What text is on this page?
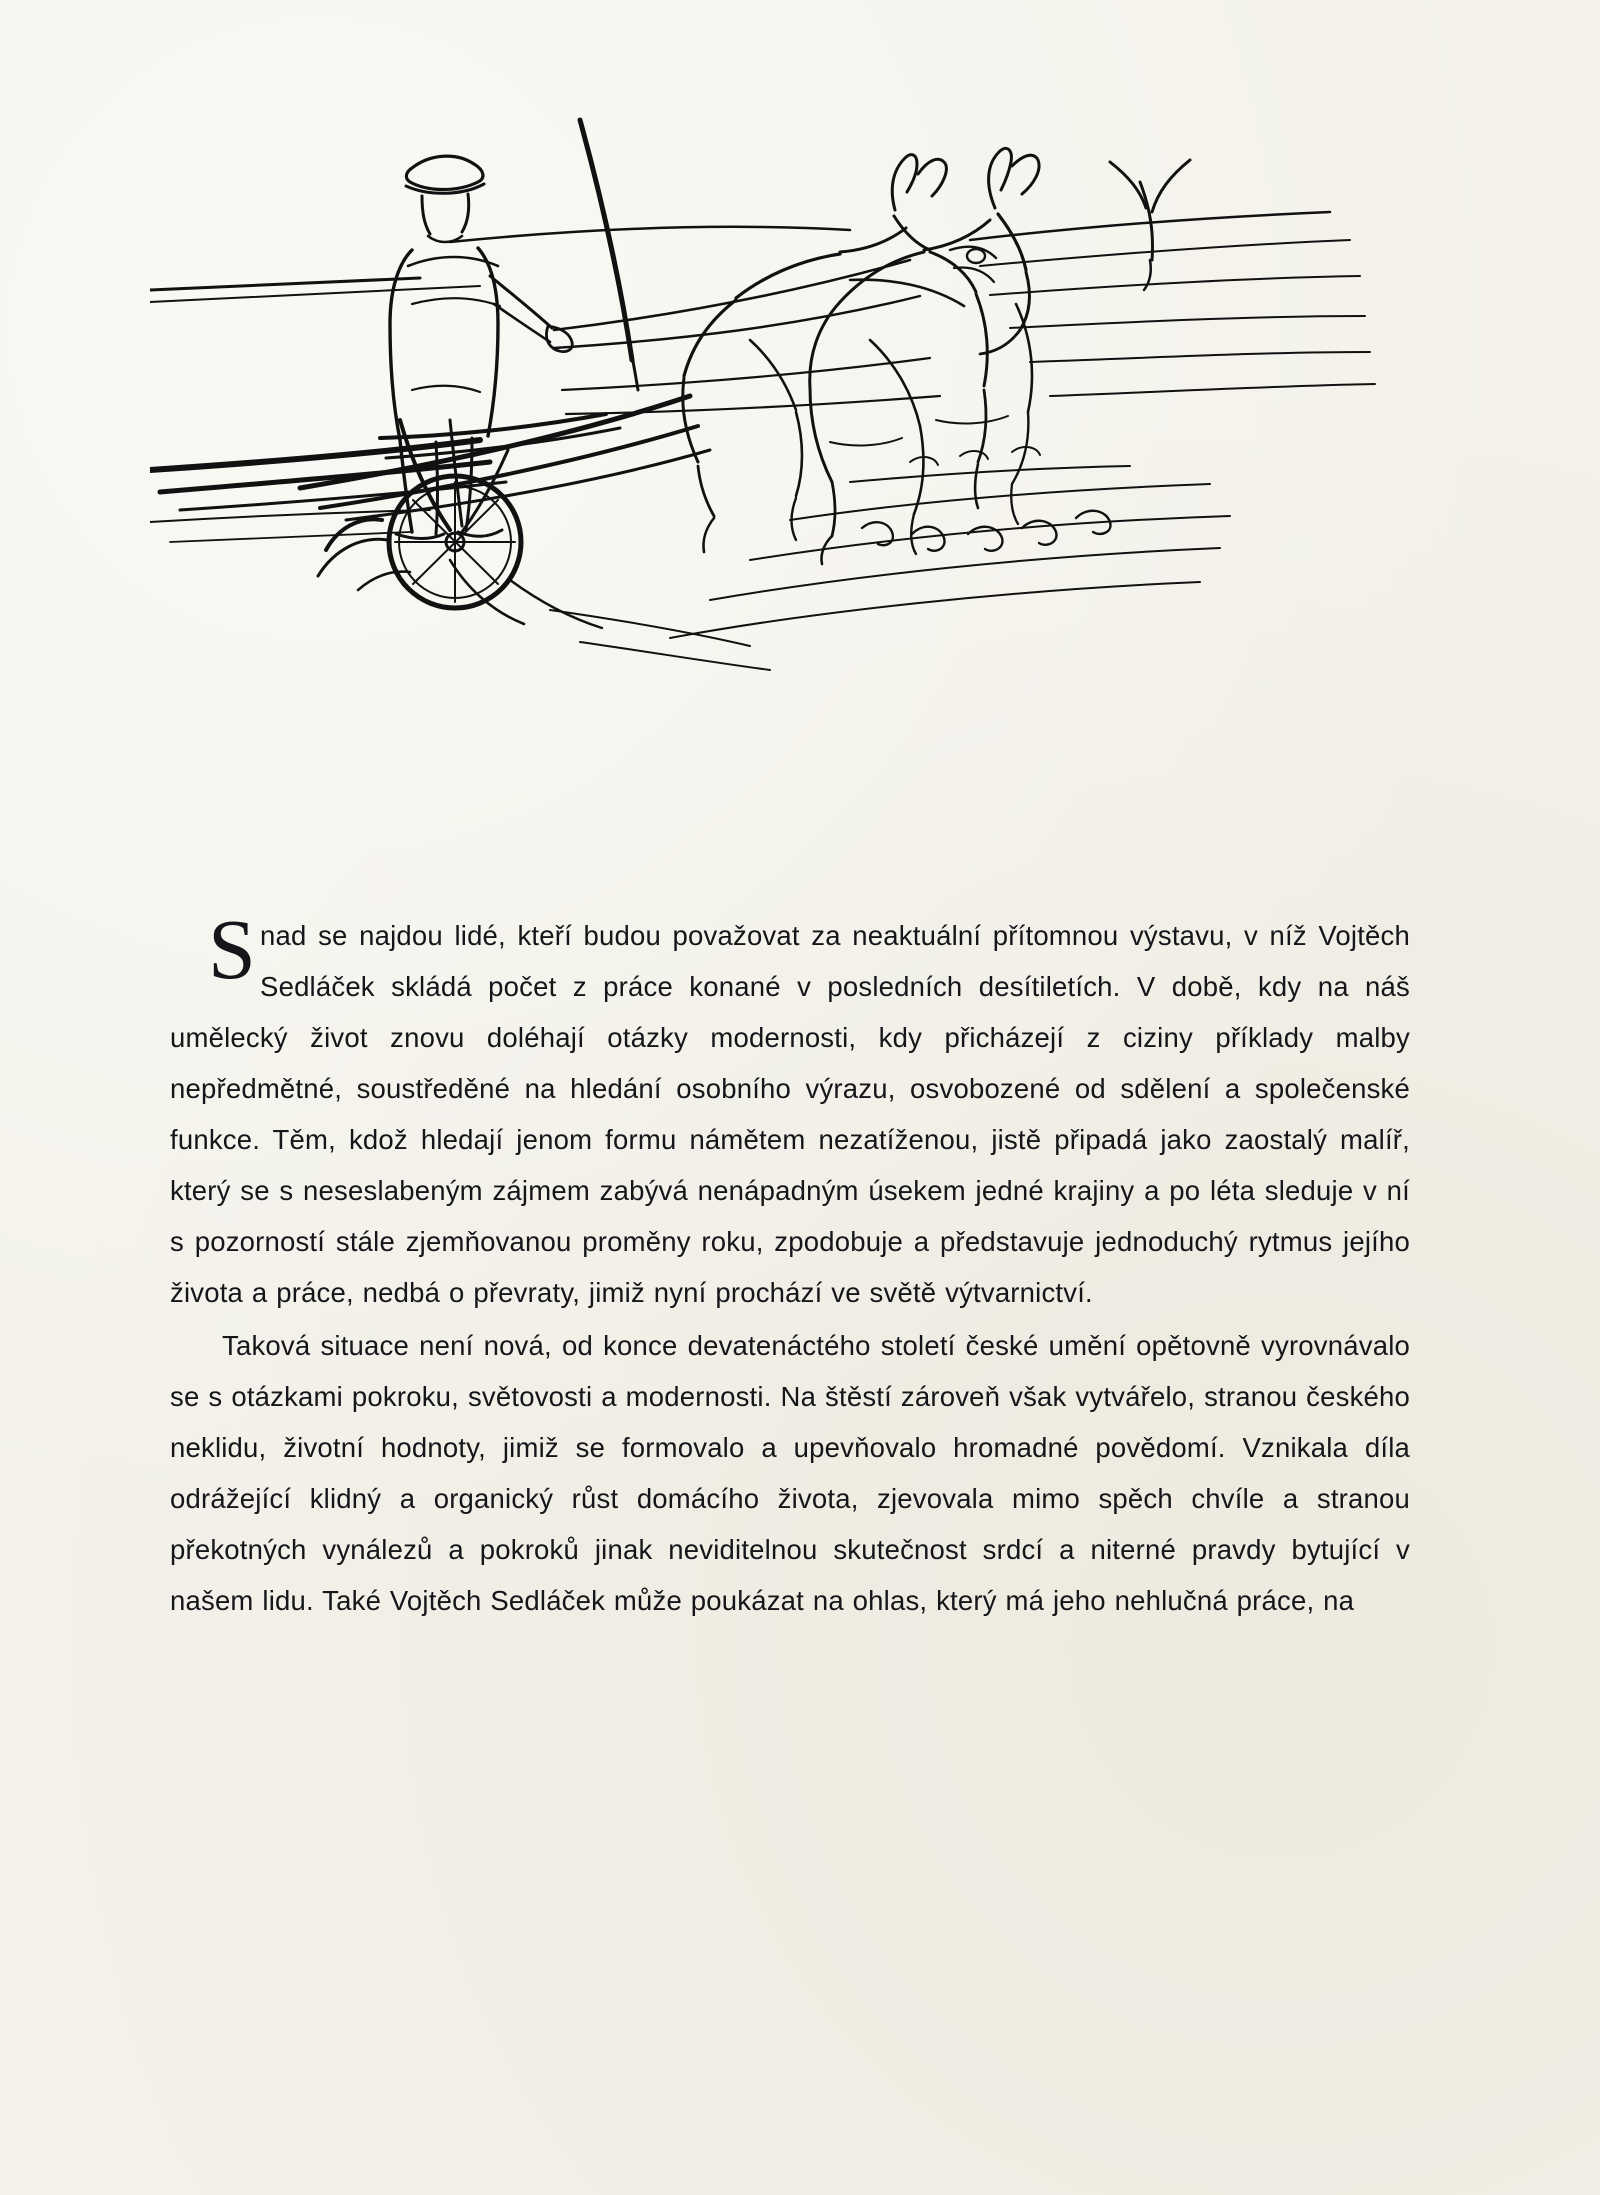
Snad se najdou lidé, kteří budou považovat za neaktuální přítomnou výstavu, v níž Vojtěch Sedláček skládá počet z práce konané v posledních desítiletích. V době, kdy na náš umělecký život znovu doléhají otázky modernosti, kdy přicházejí z ciziny příklady malby nepředmětné, soustředěné na hledání osobního výrazu, osvobozené od sdělení a společenské funkce. Těm, kdož hledají jenom formu námětem nezatíženou, jistě připadá jako zaostalý malíř, který se s neseslabeným zájmem zabývá nenápadným úsekem jedné krajiny a po léta sleduje v ní s pozorností stále zjemňovanou proměny roku, zpodobuje a představuje jednoduchý rytmus jejího života a práce, nedbá o převraty, jimiž nyní prochází ve světě výtvarnictví.

Taková situace není nová, od konce devatenáctého století české umění opětovně vyrovnávalo se s otázkami pokroku, světovosti a modernosti. Na štěstí zároveň však vytvářelo, stranou českého neklidu, životní hodnoty, jimiž se formovalo a upevňovalo hromadné povědomí. Vznikala díla odrážející klidný a organický růst domácího života, zjevovala mimo spěch chvíle a stranou překotných vynálezů a pokroků jinak neviditelnou skutečnost srdcí a niterné pravdy bytující v našem lidu. Také Vojtěch Sedláček může poukázat na ohlas, který má jeho nehlučná práce, na
